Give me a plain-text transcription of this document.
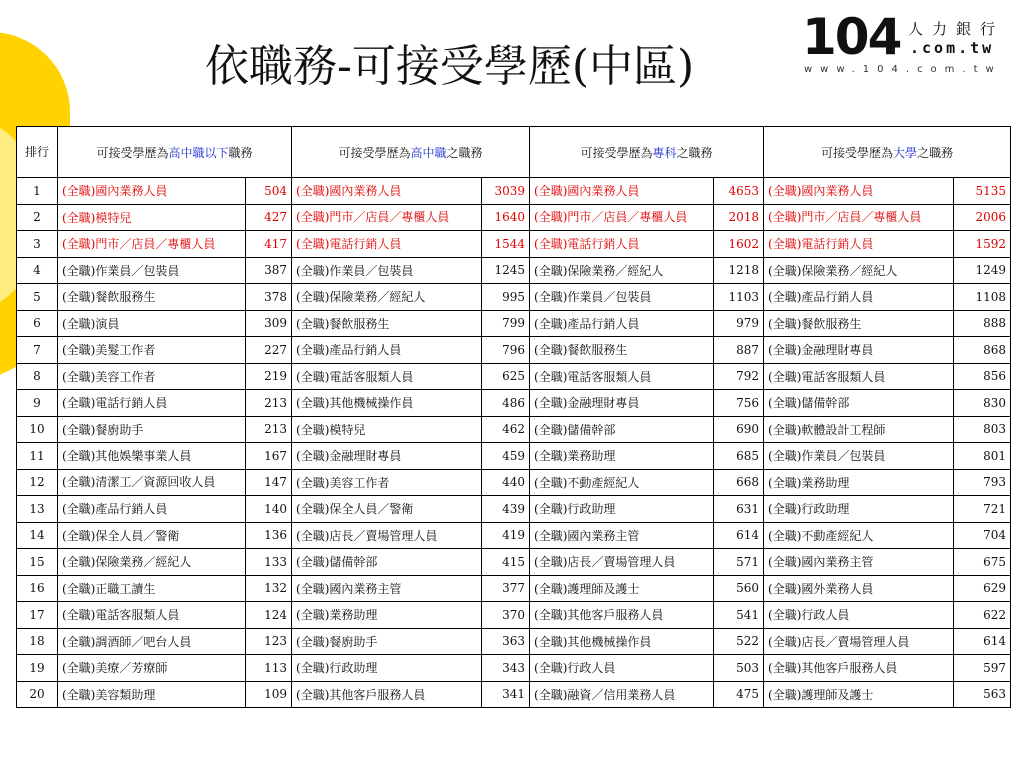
依職務-可接受學歷(中區)
104 人力銀行
.com.tw
www.104.com.tw
排行	可接受學歷為高中職以下職務		可接受學歷為高中職之職務		可接受學歷為專科之職務		可接受學歷為大學之職務	
1	(全職)國內業務人員	504	(全職)國內業務人員	3039	(全職)國內業務人員	4653	(全職)國內業務人員	5135
2	(全職)模特兒	427	(全職)門市／店員／專櫃人員	1640	(全職)門市／店員／專櫃人員	2018	(全職)門市／店員／專櫃人員	2006
3	(全職)門市／店員／專櫃人員	417	(全職)電話行銷人員	1544	(全職)電話行銷人員	1602	(全職)電話行銷人員	1592
4	(全職)作業員／包裝員	387	(全職)作業員／包裝員	1245	(全職)保險業務／經紀人	1218	(全職)保險業務／經紀人	1249
5	(全職)餐飲服務生	378	(全職)保險業務／經紀人	995	(全職)作業員／包裝員	1103	(全職)產品行銷人員	1108
6	(全職)演員	309	(全職)餐飲服務生	799	(全職)產品行銷人員	979	(全職)餐飲服務生	888
7	(全職)美髮工作者	227	(全職)產品行銷人員	796	(全職)餐飲服務生	887	(全職)金融理財專員	868
8	(全職)美容工作者	219	(全職)電話客服類人員	625	(全職)電話客服類人員	792	(全職)電話客服類人員	856
9	(全職)電話行銷人員	213	(全職)其他機械操作員	486	(全職)金融理財專員	756	(全職)儲備幹部	830
10	(全職)餐廚助手	213	(全職)模特兒	462	(全職)儲備幹部	690	(全職)軟體設計工程師	803
11	(全職)其他娛樂事業人員	167	(全職)金融理財專員	459	(全職)業務助理	685	(全職)作業員／包裝員	801
12	(全職)清潔工／資源回收人員	147	(全職)美容工作者	440	(全職)不動產經紀人	668	(全職)業務助理	793
13	(全職)產品行銷人員	140	(全職)保全人員／警衛	439	(全職)行政助理	631	(全職)行政助理	721
14	(全職)保全人員／警衛	136	(全職)店長／賣場管理人員	419	(全職)國內業務主管	614	(全職)不動產經紀人	704
15	(全職)保險業務／經紀人	133	(全職)儲備幹部	415	(全職)店長／賣場管理人員	571	(全職)國內業務主管	675
16	(全職)正職工讀生	132	(全職)國內業務主管	377	(全職)護理師及護士	560	(全職)國外業務人員	629
17	(全職)電話客服類人員	124	(全職)業務助理	370	(全職)其他客戶服務人員	541	(全職)行政人員	622
18	(全職)調酒師／吧台人員	123	(全職)餐廚助手	363	(全職)其他機械操作員	522	(全職)店長／賣場管理人員	614
19	(全職)美療／芳療師	113	(全職)行政助理	343	(全職)行政人員	503	(全職)其他客戶服務人員	597
20	(全職)美容類助理	109	(全職)其他客戶服務人員	341	(全職)融資／信用業務人員	475	(全職)護理師及護士	563
